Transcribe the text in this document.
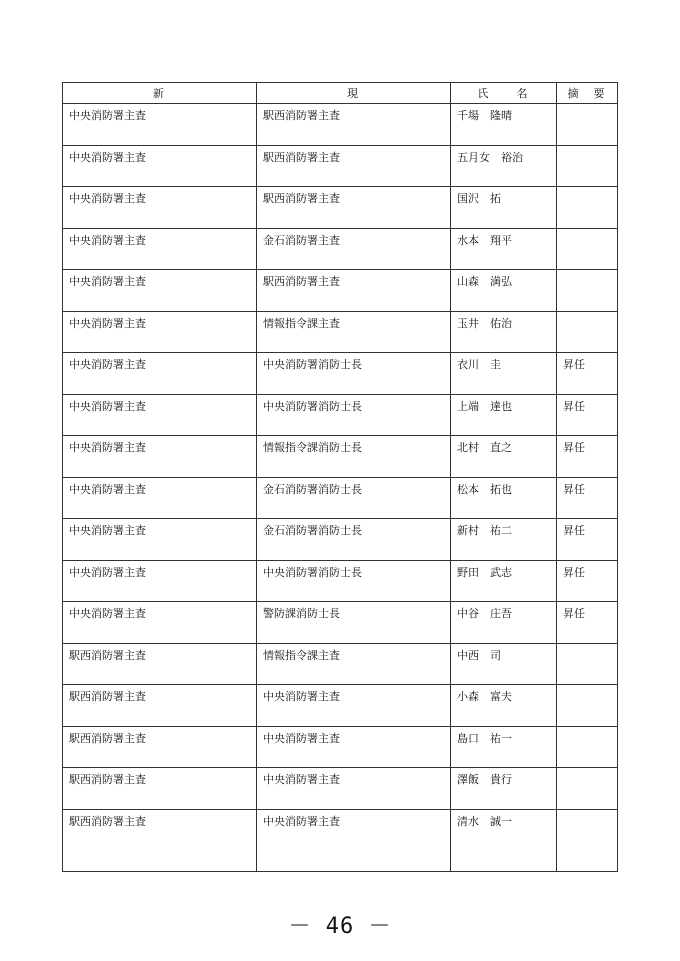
新	現	氏　　名	摘　要

中央消防署主査	駅西消防署主査	千場　隆晴	

中央消防署主査	駅西消防署主査	五月女　裕治	

中央消防署主査	駅西消防署主査	国沢　拓	

中央消防署主査	金石消防署主査	水本　翔平	

中央消防署主査	駅西消防署主査	山森　満弘	

中央消防署主査	情報指令課主査	玉井　佑治	

中央消防署主査	中央消防署消防士長	衣川　圭	昇任

中央消防署主査	中央消防署消防士長	上端　達也	昇任

中央消防署主査	情報指令課消防士長	北村　直之	昇任

中央消防署主査	金石消防署消防士長	松本　拓也	昇任

中央消防署主査	金石消防署消防士長	新村　祐二	昇任

中央消防署主査	中央消防署消防士長	野田　武志	昇任

中央消防署主査	警防課消防士長	中谷　庄吾	昇任

駅西消防署主査	情報指令課主査	中西　司	

駅西消防署主査	中央消防署主査	小森　富夫	

駅西消防署主査	中央消防署主査	島口　祐一	

駅西消防署主査	中央消防署主査	澤飯　貴行	

駅西消防署主査	中央消防署主査	清水　誠一	

－ 46 －
